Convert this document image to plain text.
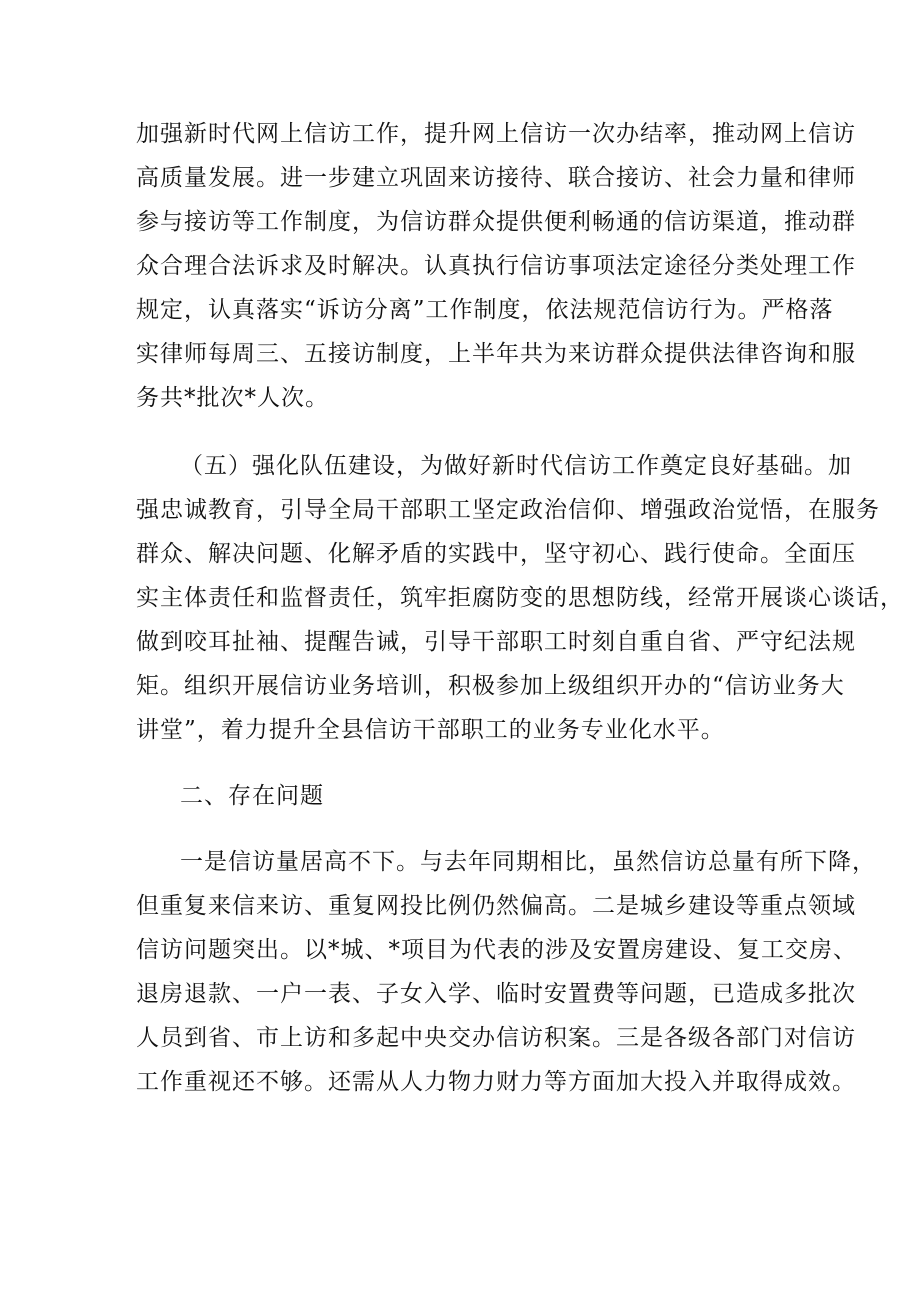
加强新时代网上信访工作，提升网上信访一次办结率，推动网上信访
高质量发展。进一步建立巩固来访接待、联合接访、社会力量和律师
参与接访等工作制度，为信访群众提供便利畅通的信访渠道，推动群
众合理合法诉求及时解决。认真执行信访事项法定途径分类处理工作
规定，认真落实“诉访分离”工作制度，依法规范信访行为。严格落
实律师每周三、五接访制度，上半年共为来访群众提供法律咨询和服
务共*批次*人次。

（五）强化队伍建设，为做好新时代信访工作奠定良好基础。加
强忠诚教育，引导全局干部职工坚定政治信仰、增强政治觉悟，在服务
群众、解决问题、化解矛盾的实践中，坚守初心、践行使命。全面压
实主体责任和监督责任，筑牢拒腐防变的思想防线，经常开展谈心谈话，
做到咬耳扯袖、提醒告诫，引导干部职工时刻自重自省、严守纪法规
矩。组织开展信访业务培训，积极参加上级组织开办的“信访业务大
讲堂”，着力提升全县信访干部职工的业务专业化水平。

二、存在问题

一是信访量居高不下。与去年同期相比，虽然信访总量有所下降，
但重复来信来访、重复网投比例仍然偏高。二是城乡建设等重点领域
信访问题突出。以*城、*项目为代表的涉及安置房建设、复工交房、
退房退款、一户一表、子女入学、临时安置费等问题，已造成多批次
人员到省、市上访和多起中央交办信访积案。三是各级各部门对信访
工作重视还不够。还需从人力物力财力等方面加大投入并取得成效。
